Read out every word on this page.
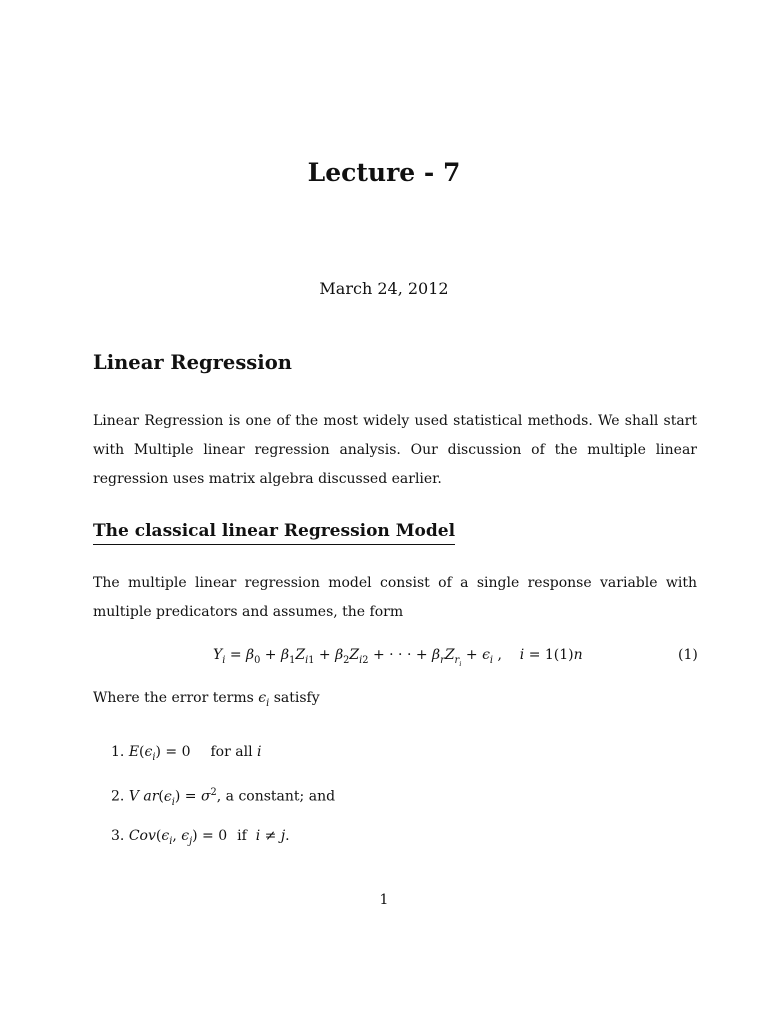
Lecture - 7
March 24, 2012
Linear Regression
Linear Regression is one of the most widely used statistical methods. We shall start with Multiple linear regression analysis. Our discussion of the multiple linear regression uses matrix algebra discussed earlier.
The classical linear Regression Model
The multiple linear regression model consist of a single response variable with multiple predicators and assumes, the form
$Y_i = \beta_0 + \beta_1Z_{i1} + \beta_2Z_{i2}$ + · · · + $\beta_rZ_{r_i} + \epsilon_i$ ,    i = 1(1)n	(1)
Where the error terms $\epsilon_i$ satisfy
1. $E(\epsilon_i) = 0$ for all i
2. V $ar(\epsilon_i) = \sigma^2$, a constant; and
3. $Cov(\epsilon_i$, $\epsilon_j) = 0$ if i ≠ j.
1
